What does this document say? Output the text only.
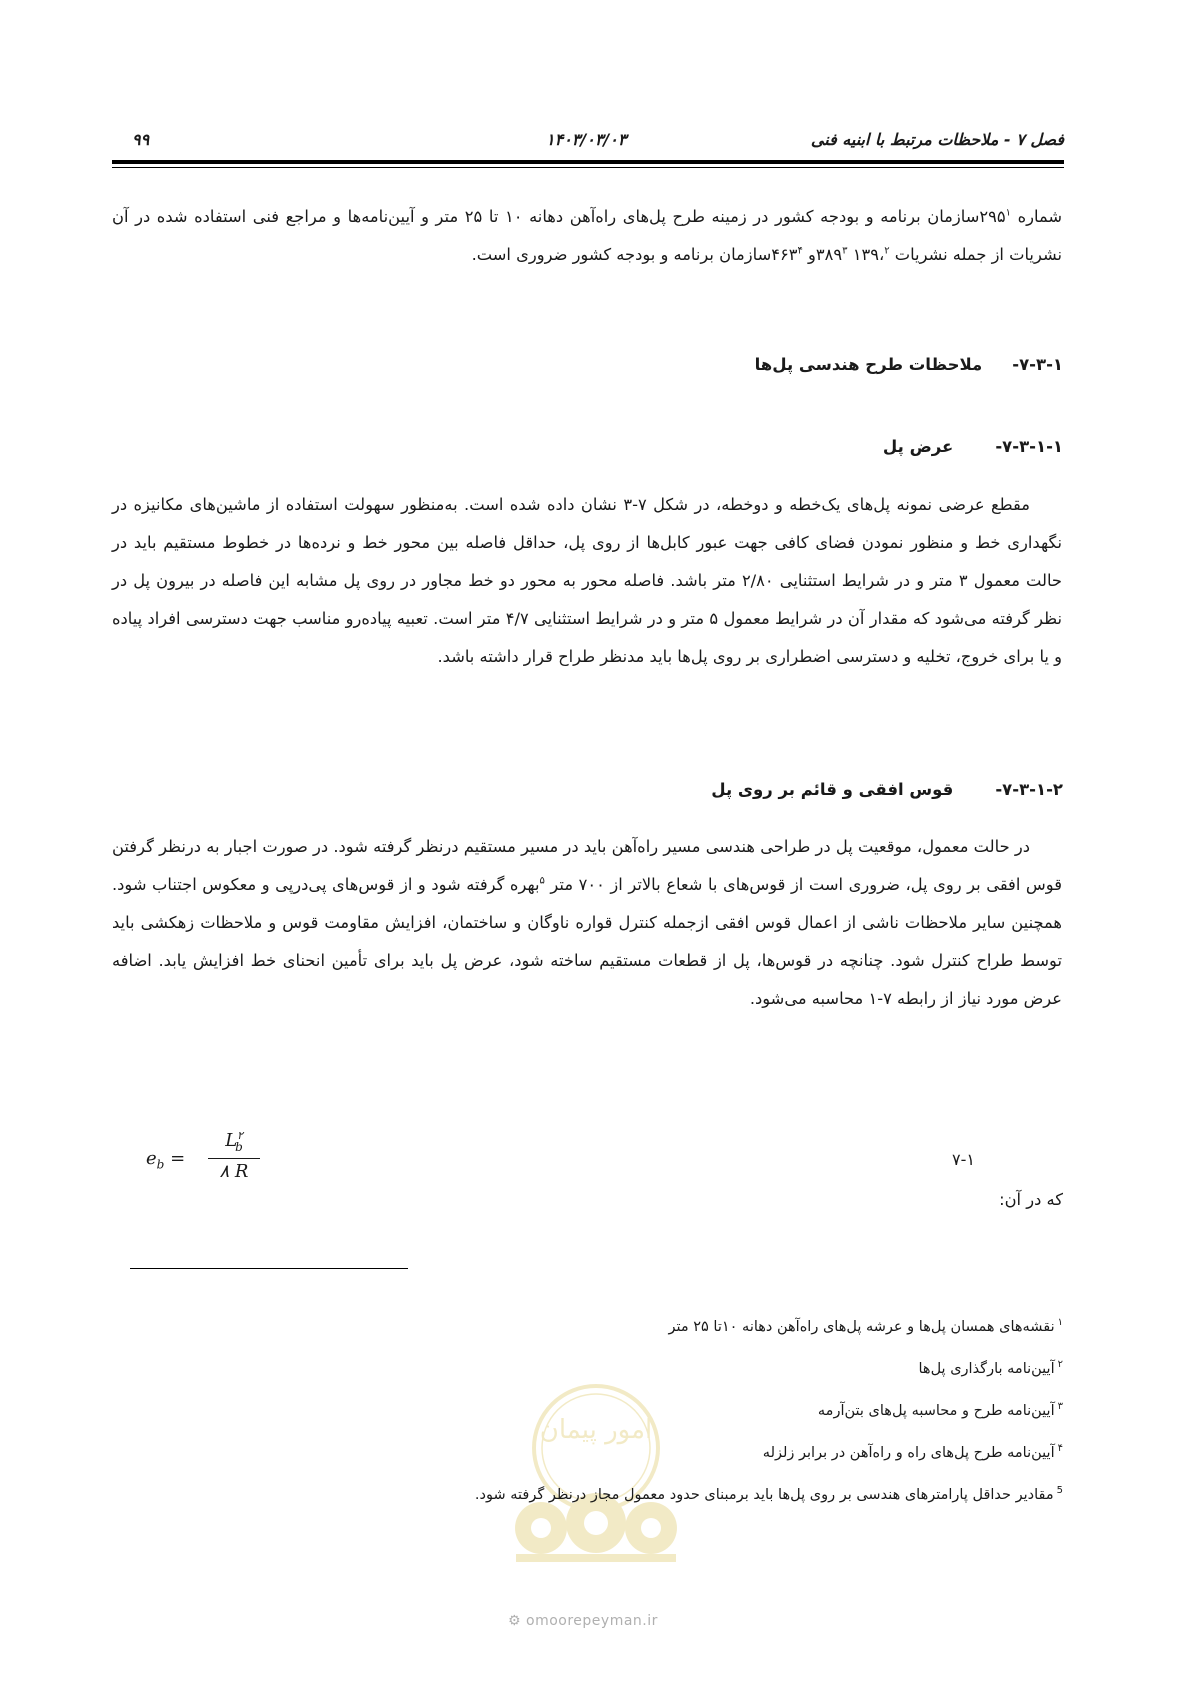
فصل ۷ - ملاحظات مرتبط با ابنیه فنی
۱۴۰۳/۰۳/۰۳
۹۹

شماره $۲۹۵^۱سازمان$ برنامه و بودجه کشور در زمینه طرح پل‌های راه‌آهن دهانه ۱۰ تا ۲۵ متر و آیین‌نامه‌ها و مراجع فنی استفاده شده در آن نشریات از جمله نشریات ۱۳۹،$^۲$ $۳۸۹^۳و$ $۴۶۳^۴سازمان$ برنامه و بودجه کشور ضروری است.

۷-۳-۱-ملاحظات طرح هندسی پل‌ها
۷-۳-۱-۱-عرض پل

مقطع عرضی نمونه پل‌های یک‌خطه و دوخطه، در شکل ۷-۳ نشان داده شده است. به‌منظور سهولت استفاده از ماشین‌های مکانیزه در نگهداری خط و منظور نمودن فضای کافی جهت عبور کابل‌ها از روی پل، حداقل فاصله بین محور خط و نرده‌ها در خطوط مستقیم باید در حالت معمول ۳ متر و در شرایط استثنایی ۲/۸۰ متر باشد. فاصله محور به محور دو خط مجاور در روی پل مشابه این فاصله در بیرون پل در نظر گرفته می‌شود که مقدار آن در شرایط معمول ۵ متر و در شرایط استثنایی ۴/۷ متر است. تعبیه پیاده‌رو مناسب جهت دسترسی افراد پیاده و یا برای خروج، تخلیه و دسترسی اضطراری بر روی پل‌ها باید مدنظر طراح قرار داشته باشد.

۷-۳-۱-۲-قوس افقی و قائم بر روی پل

در حالت معمول، موقعیت پل در طراحی هندسی مسیر راه‌آهن باید در مسیر مستقیم درنظر گرفته شود. در صورت اجبار به درنظر گرفتن قوس افقی بر روی پل، ضروری است از قوس‌های با شعاع بالاتر از ۷۰۰ متر $^۵$بهره گرفته شود و از قوس‌های پی‌درپی و معکوس اجتناب شود. همچنین سایر ملاحظات ناشی از اعمال قوس افقی ازجمله کنترل قواره ناوگان و ساختمان، افزایش مقاومت قوس و ملاحظات زهکشی باید توسط طراح کنترل شود. چنانچه در قوس‌ها، پل از قطعات مستقیم ساخته شود، عرض پل باید برای تأمین انحنای خط افزایش یابد. اضافه عرض مورد نیاز از رابطه ۷-۱ محاسبه می‌شود.

$e_b$ =
$L^۲_b$
۸ R
۷-۱
که در آن:
امور پیمان
$^۱$نقشه‌های همسان پل‌ها و عرشه پل‌های راه‌آهن دهانه ۱۰تا ۲۵ متر
$^۲$آیین‌نامه بارگذاری پل‌ها
$^۳$آیین‌نامه طرح و محاسبه پل‌های بتن‌آرمه
$^۴$آیین‌نامه طرح پل‌های راه و راه‌آهن در برابر زلزله
$^5$مقادیر حداقل پارامترهای هندسی بر روی پل‌ها باید برمبنای حدود معمول مجاز درنظر گرفته شود.
⚙ omoorepeyman.ir
